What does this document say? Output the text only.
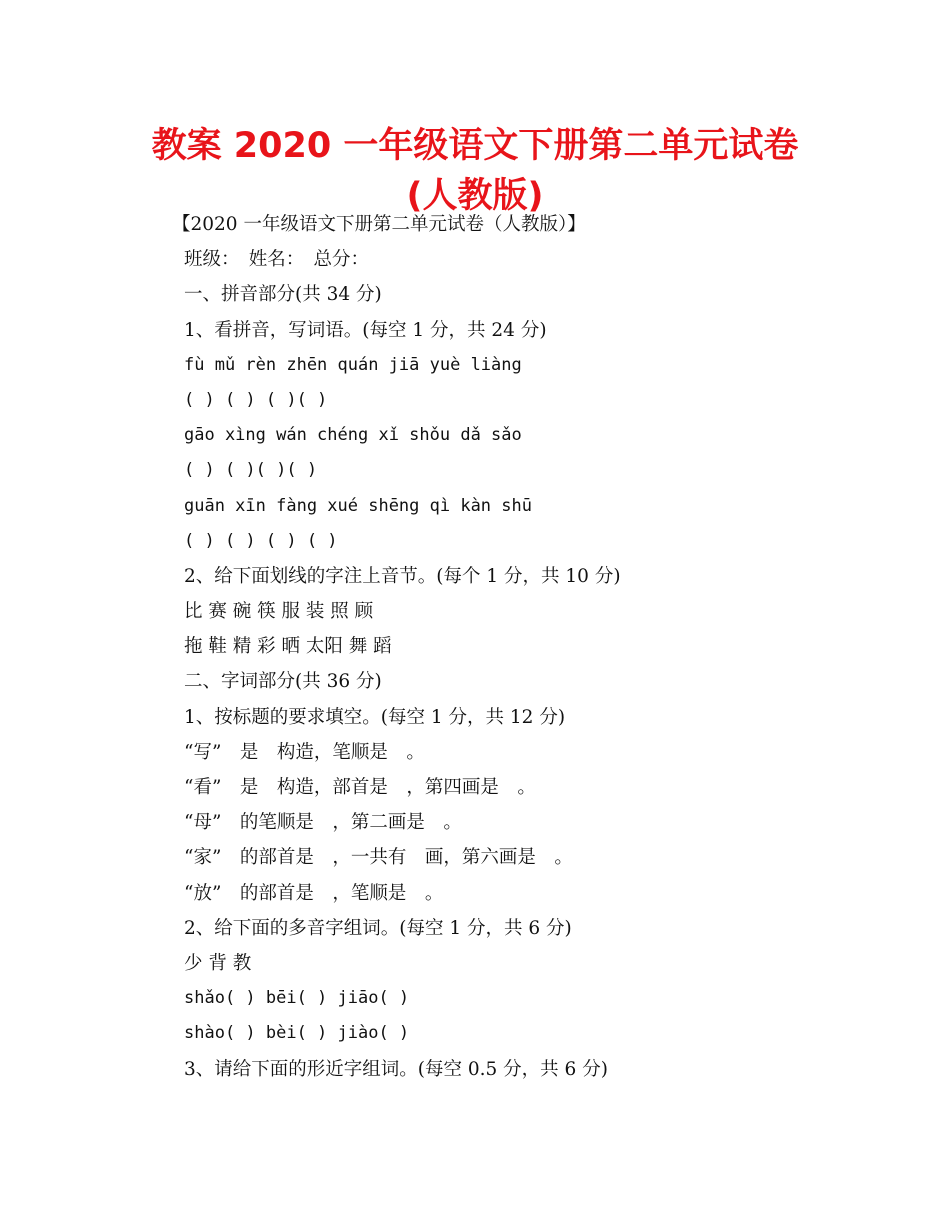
教案 2020 一年级语文下册第二单元试卷
(人教版)
【2020 一年级语文下册第二单元试卷（人教版）】
班级：　姓名：　总分：
一、拼音部分(共 34 分)
1、看拼音，写词语。(每空 1 分，共 24 分)
fù mǔ rèn zhēn quán jiā yuè liàng
( ) ( ) ( )( )
gāo xìng wán chéng xǐ shǒu dǎ sǎo
( ) ( )( )( )
guān xīn fàng xué shēng qì kàn shū
( ) ( ) ( ) ( )
2、给下面划线的字注上音节。(每个 1 分，共 10 分)
比 赛 碗 筷 服 装 照 顾
拖 鞋 精 彩 晒 太阳 舞 蹈
二、字词部分(共 36 分)
1、按标题的要求填空。(每空 1 分，共 12 分)
“写”　是　构造，笔顺是　。
“看”　是　构造，部首是　，第四画是　。
“母”　的笔顺是　，第二画是　。
“家”　的部首是　，一共有　画，第六画是　。
“放”　的部首是　，笔顺是　。
2、给下面的多音字组词。(每空 1 分，共 6 分)
少 背 教
shǎo( ) bēi( ) jiāo( )
shào( ) bèi( ) jiào( )
3、请给下面的形近字组词。(每空 0.5 分，共 6 分)
